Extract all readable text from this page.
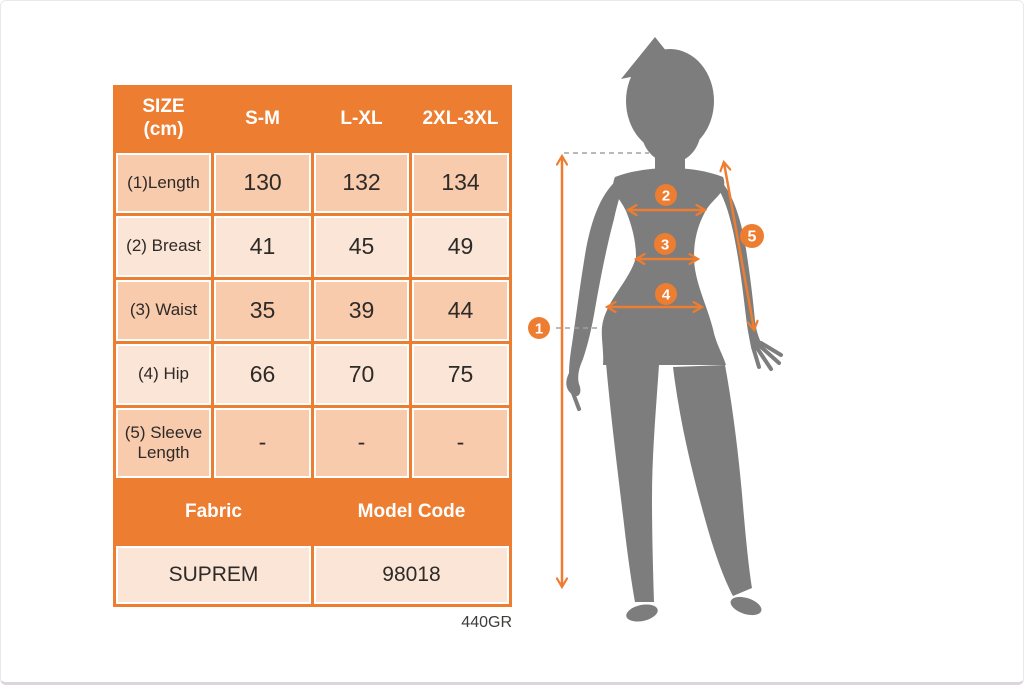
SIZE
(cm)
S-M	L-XL	2XL-3XL
(1)Length	130	132	134
(2) Breast	41	45	49
(3) Waist	35	39	44
(4) Hip	66	70	75
(5) Sleeve Length	-	-	-
Fabric	Model Code
SUPREM	98018
440GR
1
2
3
4
5
